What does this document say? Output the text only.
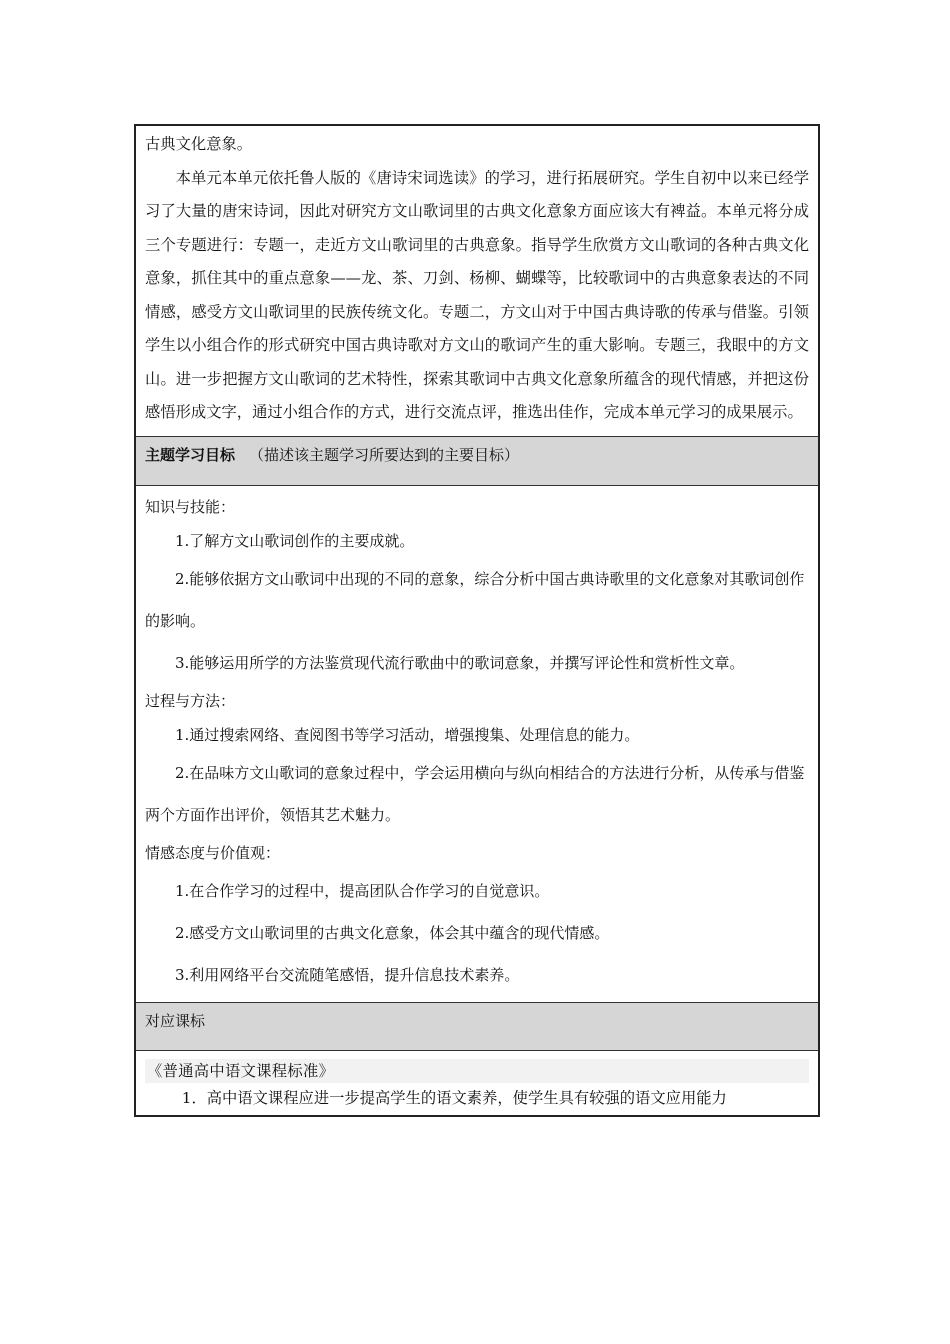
古典文化意象。

本单元本单元依托鲁人版的《唐诗宋词选读》的学习，进行拓展研究。学生自初中以来已经学习了大量的唐宋诗词，因此对研究方文山歌词里的古典文化意象方面应该大有裨益。本单元将分成三个专题进行：专题一，走近方文山歌词里的古典意象。指导学生欣赏方文山歌词的各种古典文化意象，抓住其中的重点意象——龙、茶、刀剑、杨柳、蝴蝶等，比较歌词中的古典意象表达的不同情感，感受方文山歌词里的民族传统文化。专题二，方文山对于中国古典诗歌的传承与借鉴。引领学生以小组合作的形式研究中国古典诗歌对方文山的歌词产生的重大影响。专题三，我眼中的方文山。进一步把握方文山歌词的艺术特性，探索其歌词中古典文化意象所蕴含的现代情感，并把这份感悟形成文字，通过小组合作的方式，进行交流点评，推选出佳作，完成本单元学习的成果展示。

主题学习目标 （描述该主题学习所要达到的主要目标）

知识与技能：

1.了解方文山歌词创作的主要成就。

2.能够依据方文山歌词中出现的不同的意象，综合分析中国古典诗歌里的文化意象对其歌词创作的影响。

3.能够运用所学的方法鉴赏现代流行歌曲中的歌词意象，并撰写评论性和赏析性文章。

过程与方法：

1.通过搜索网络、查阅图书等学习活动，增强搜集、处理信息的能力。

2.在品味方文山歌词的意象过程中，学会运用横向与纵向相结合的方法进行分析，从传承与借鉴两个方面作出评价，领悟其艺术魅力。

情感态度与价值观：

1.在合作学习的过程中，提高团队合作学习的自觉意识。

2.感受方文山歌词里的古典文化意象，体会其中蕴含的现代情感。

3.利用网络平台交流随笔感悟，提升信息技术素养。

对应课标

《普通高中语文课程标准》

1．高中语文课程应进一步提高学生的语文素养，使学生具有较强的语文应用能力
